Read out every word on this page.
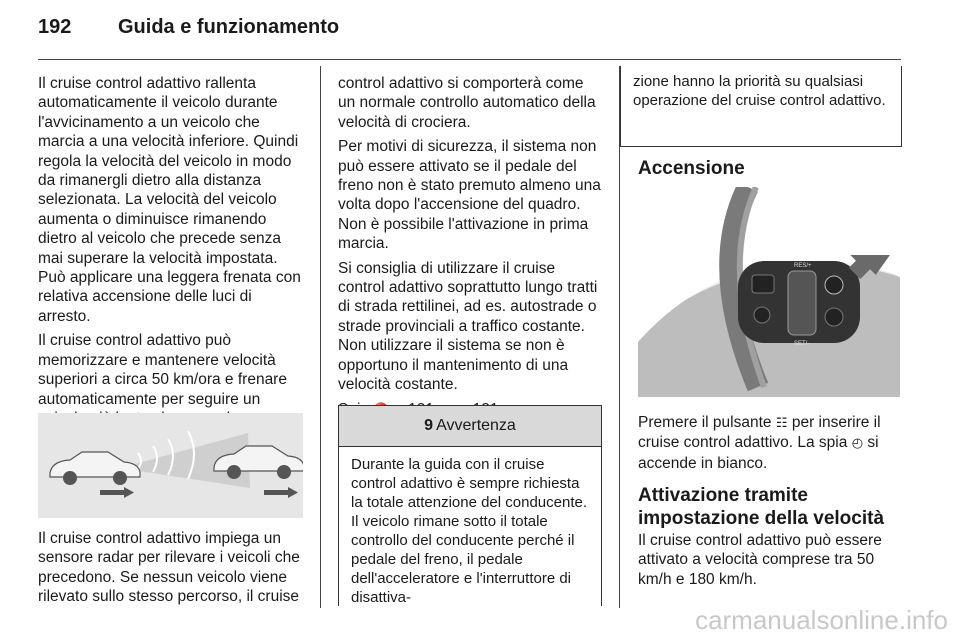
192 Guida e funzionamento

Il cruise control adattivo rallenta automaticamente il veicolo durante l'avvicinamento a un veicolo che marcia a una velocità inferiore. Quindi regola la velocità del veicolo in modo da rimanergli dietro alla distanza selezionata. La velocità del veicolo aumenta o diminuisce rimanendo dietro al veicolo che precede senza mai superare la velocità impostata. Può applicare una leggera frenata con relativa accensione delle luci di arresto.

Il cruise control adattivo può memorizzare e mantenere velocità superiori a circa 50 km/ora e frenare automaticamente per seguire un

Il cruise control adattivo impiega un sensore radar per rilevare i veicoli che precedono. Se nessun veicolo viene rilevato sullo stesso percorso, il cruise

control adattivo si comporterà come un normale controllo automatico della velocità di crociera.

Per motivi di sicurezza, il sistema non può essere attivato se il pedale del freno non è stato premuto almeno una volta dopo l'accensione del quadro. Non è possibile l'attivazione in prima marcia.

Si consiglia di utilizzare il cruise control adattivo soprattutto lungo tratti di strada rettilinei, ad es. autostrade o strade provinciali a traffico costante. Non utilizzare il sistema se non è opportuno il mantenimento di una velocità costante.

9 Avvertenza
Durante la guida con il cruise control adattivo è sempre richiesta la totale attenzione del conducente. Il veicolo rimane sotto il totale controllo del conducente perché il pedale del freno, il pedale dell'acceleratore e l'interruttore di disattiva-
zione hanno la priorità su qualsiasi operazione del cruise control adattivo.
Accensione
RES/+
SET/-

Premere il pulsante ☷ per inserire il cruise control adattivo. La spia ◴ si accende in bianco.

Attivazione tramite impostazione della velocità

Il cruise control adattivo può essere attivato a velocità comprese tra 50 km/h e 180 km/h.

carmanualsonline.info
